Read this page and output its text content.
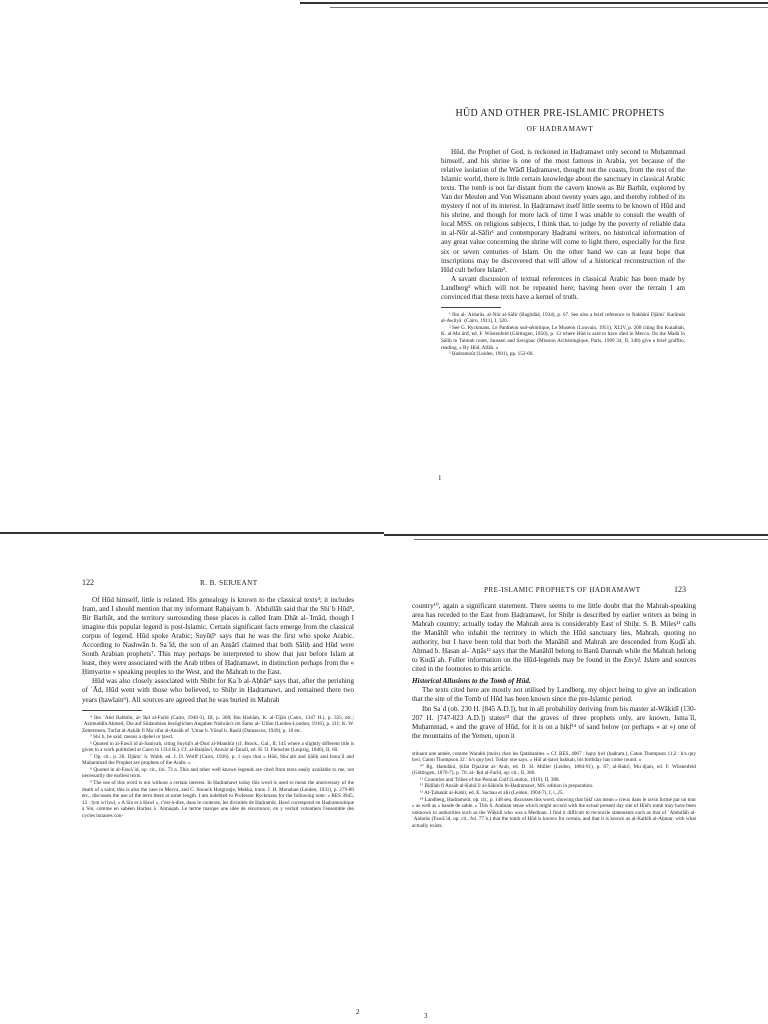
HŪD AND OTHER PRE-ISLAMIC PROPHETS
OF ḤADRAMAWT

Hūd, the Prophet of God, is reckoned in Ḥaḍramawt only second to Muḥammad himself, and his shrine is one of the most famous in Arabia, yet because of the relative isolation of the Wādī Ḥaḍramawt, thought not the coasts, from the rest of the Islamic world, there is little certain knowledge about the sanctuary in classical Arabic texts. The tomb is not far distant from the cavern known as Bir Barhūt, explored by Van der Meulen and Von Wissmann about twenty years ago, and thereby robbed of its mystery if not of its interest. In Ḥaḍramawt itself little seems to be known of Hūd and his shrine, and though for more lack of time I was unable to consult the wealth of local MSS. on religious subjects, I think that, to judge by the poverty of reliable data in al-Nūr al-Sāfir¹ and contemporary Ḥaḍrami writers, no historical information of any great value concerning the shrine will come to light there, especially for the first six or seven centuries of Islam. On the other hand we can at least hope that inscriptions may be discovered that will allow of a historical reconstruction of the Hūd cult before Islam².

A savant discussion of textual references in classical Arabic has been made by Landberg³ which will not be repeated here; having been over the terrain I am convinced that these texts have a kernel of truth.

¹ Ibn al-ʿAidarūs, al-Nūr al-Sāfir (Baghdād, 1934), p. 67. See also a brief reference in Nabhānī Djāmiʿ Karāmāt al-Awliyāʾ (Cairo, 1911), I, 320.

² See G. Ryckmans, Le Panthéon sud-sémitique, Le Muséon (Louvain, 1951), XLIV, p. 208 citing Ibn Kutaibah, K. al-Maʿārif, ed. F. Wüstenfeld (Göttingen, 1850), p. 13 where Hūd is said to have died in Mecca. On the Madāʾin Ṣāliḥ to Taimah route, Jaussen and Savignac (Mission Archéologique, Paris, 1909 34, II, 348) give a brief graffito, reading, « By Hūd, Allāh. »

³ Ḥadramoût (Leiden, 1901), pp. 152-60.

1
122	R. B. SERJEANT

Of Hūd himself, little is related. His genealogy is known to the classical texts⁴; it includes Iram, and I should mention that my informant Raḥaiyam b. ʿAbdullāh said that the Shiʿb Hūd⁵, Bir Barhūt, and the territory surrounding these places is called Iram Dhāt al-ʿImād, though I imagine this popular legend is post-Islamic. Certain significant facts emerge from the classical corpus of legend. Hūd spoke Arabic; Suyūṭī⁶ says that he was the first who spoke Arabic. According to Nashwān b. Saʿīd, the son of an Anṣārī claimed that both Ṣāliḥ and Hūd were South Arabian prophets⁷. This may perhaps be interpreted to show that just before Islam at least, they were associated with the Arab tribes of Ḥaḍramawt, in distinction perhaps from the « Ḥimyarite » speaking peoples to the West, and the Mahrah to the East.

Hūd was also closely associated with Shibr for Kaʿb al-Aḥbār⁸ says that, after the perishing of ʿĀd, Hūd went with those who believed, to Shiḥr in Ḥaḍramawt, and remained there two years (ḥawlain⁹). All sources are agreed that he was buried in Mahrah

⁴ Ibn ʿAbd Rabbihi, al-ʿIḳd al-Farīd (Cairo, 1940-3), III, p. 368; Ibn Hishām, K. al-Tījān (Cairo, 1347 H.), p. 335, etc.; ʿAzimuddīn Aḥmed, Die auf Südarabien bezüglichen Angaben Našwān's im Šams al-ʿUlūm (Leiden-London, 1916), p. 111; K. W. Zettersteen, Turfat al-Aṣḥāb fi Maʿrifat al-Ansāb of ʿUmar b. Yūsuf b. Rasūl (Damascus, 1949), p. 18 etc.

⁵ Shiʿb, he said, means a djebel or ṭawd.

⁶ Quoted in al-Fawāʾid al-Saniyah, citing Suyūṭī's al-Durr al-Manthūr (cf. Brock., Gal., II, 145 where a slightly different title is given to a work published at Cairo in 1314 H.). Cf. al-Baiḍāwī, Anwār al-Tanzīl, ed. H. O. Fleischer (Leipzig, 1846), II, 60.

⁷ Op. cit., p. 20. Djāmiʿ b. Wahb. ed. J. D. Wolff (Cairo, 1936), p. 1 says that « Hūd, Shuʿaib and Ṣāliḥ and Ismaʿīl and Muḥammad the Prophet are prophets of the Arabs. »

⁸ Quoted in al-Fawāʾid, op. cit., fol. 73 a. This and other well known legends are cited from texts easily available to me, not necessarily the earliest texts.

⁹ The use of this word is not without a certain interest. In Ḥaḍramawt today this word is used to mean the anniversary of the death of a saint; this is also the case in Mecca, and C. Snouck Hurgronje, Mekka, trans. J. H. Monahan (Leiden, 1931), p. 279-80 etc., discusses the use of the term there at some length. I am indebted to Professor Ryckmans for the following note: « RES 3945, 12 : lym wl ḥwl, « A Sin et à Ḥawl », c'est-à-dire, dans le contexte, les divinités de Ḥaḍramūt. Ḥawl correspond en Ḥaḍramoutique à Sin, comme en sabéen Harbas à ʿAlmaqah. Le terme marque une idée de récurrence; on y verrait volontiers l'ensemble des cycles lunaires con-

2
PRE-ISLAMIC PROPHETS OF ḤADRAMAWT	123

country¹⁰, again a significant statement. There seems to me little doubt that the Mahrah-speaking area has receded to the East from Ḥaḍramawt, for Shiḥr is described by earlier writers as being in Mahrah country; actually today the Mahrah area is considerably East of Shiḥr. S. B. Miles¹¹ calls the Manāhīl who inhabit the territory in which the Hūd sanctuary lies, Mahrah, quoting no authority, but I have been told that both the Manāhīl and Mahrah are descended from Ḳuḍāʿah. Aḥmad b. Ḥasan al-ʿAṭṭās¹² says that the Manāhīl belong to Banū Dannah while the Mahrah belong to Ḳuḍāʿah. Fuller information on the Hūd-legends may be found in the Encyl. Islam and sources cited in the footnotes to this article.

Historical Allusions to the Tomb of Hūd.

The texts cited here are mostly not utilised by Landberg, my object being to give an indication that the site of the Tomb of Hūd has been known since the pre-Islamic period.

Ibn Saʿd (ob. 230 H. [845 A.D.]), but in all probability deriving from his master al-Wāḳidī (130-207 H. [747-823 A.D.]) states¹³ that the graves of three prophets only, are known, Ismaʿīl, Muḥammad, « and the grave of Hūd, for it is on a ḥiḳf¹⁴ of sand below (or perhaps « at ») one of the mountains of the Yemen, upon it

stituant une année, comme Warakh (mois) chez les Qatabanites. » Cf. RES. 4067 : hqny ḥwl (ḥaḍram.), Caton Thompson 11,2 : h/s qny ḥwl, Caton Thompson 32 : h/s qny ḥwl. Today one says, « Ḥūl al-ḥawṭ bakkah, his birthday has come round. »

¹⁰ Rg. Ḥamdānī, Ṣifat Djazīrat al-ʿArab, ed. D. H. Müller (Leiden, 1884-91), p. 87; al-Bakrī, Muʿdjam, ed. F. Wüstenfeld (Göttingen, 1876-7), p. 76; al-ʿIḳd al-Farīd, op. cit., II, 386.

¹¹ Countries and Tribes of the Persian Gulf (London, 1919), II, 388.

¹² Bīḍīlah fi Ansāb al-Ḳabāʾil al-Sākinīn bi-Ḥaḍramawt, MS. edition in preparation.

¹³ Al-Ṭabaḳāt al-Kabīr, ed. E. Sachau et alii (Leiden, 1904-7), I, i, 25.

¹⁴ Landberg, Ḥadramoût, op. cit., p. 148 seq. discusses this word, showing that ḥiḳf can mean « creux dans le ravin formé par un mur » as well as « bande de sable. » This S. Arabian sense which might accord with the actual present day site of Hūd's tomb may have been unknown to authorities such as the Wāḳidī who was a Medinan. I find it difficult to reconcile statements such as that of ʿAbdullāh al-ʿAidarūs (Fawāʾid, op. cit., fol. 77 b.) that the tomb of Hūd is known for certain, and that it is known as al-Kathīb al-Aḥmar, with what actually exists.

3
